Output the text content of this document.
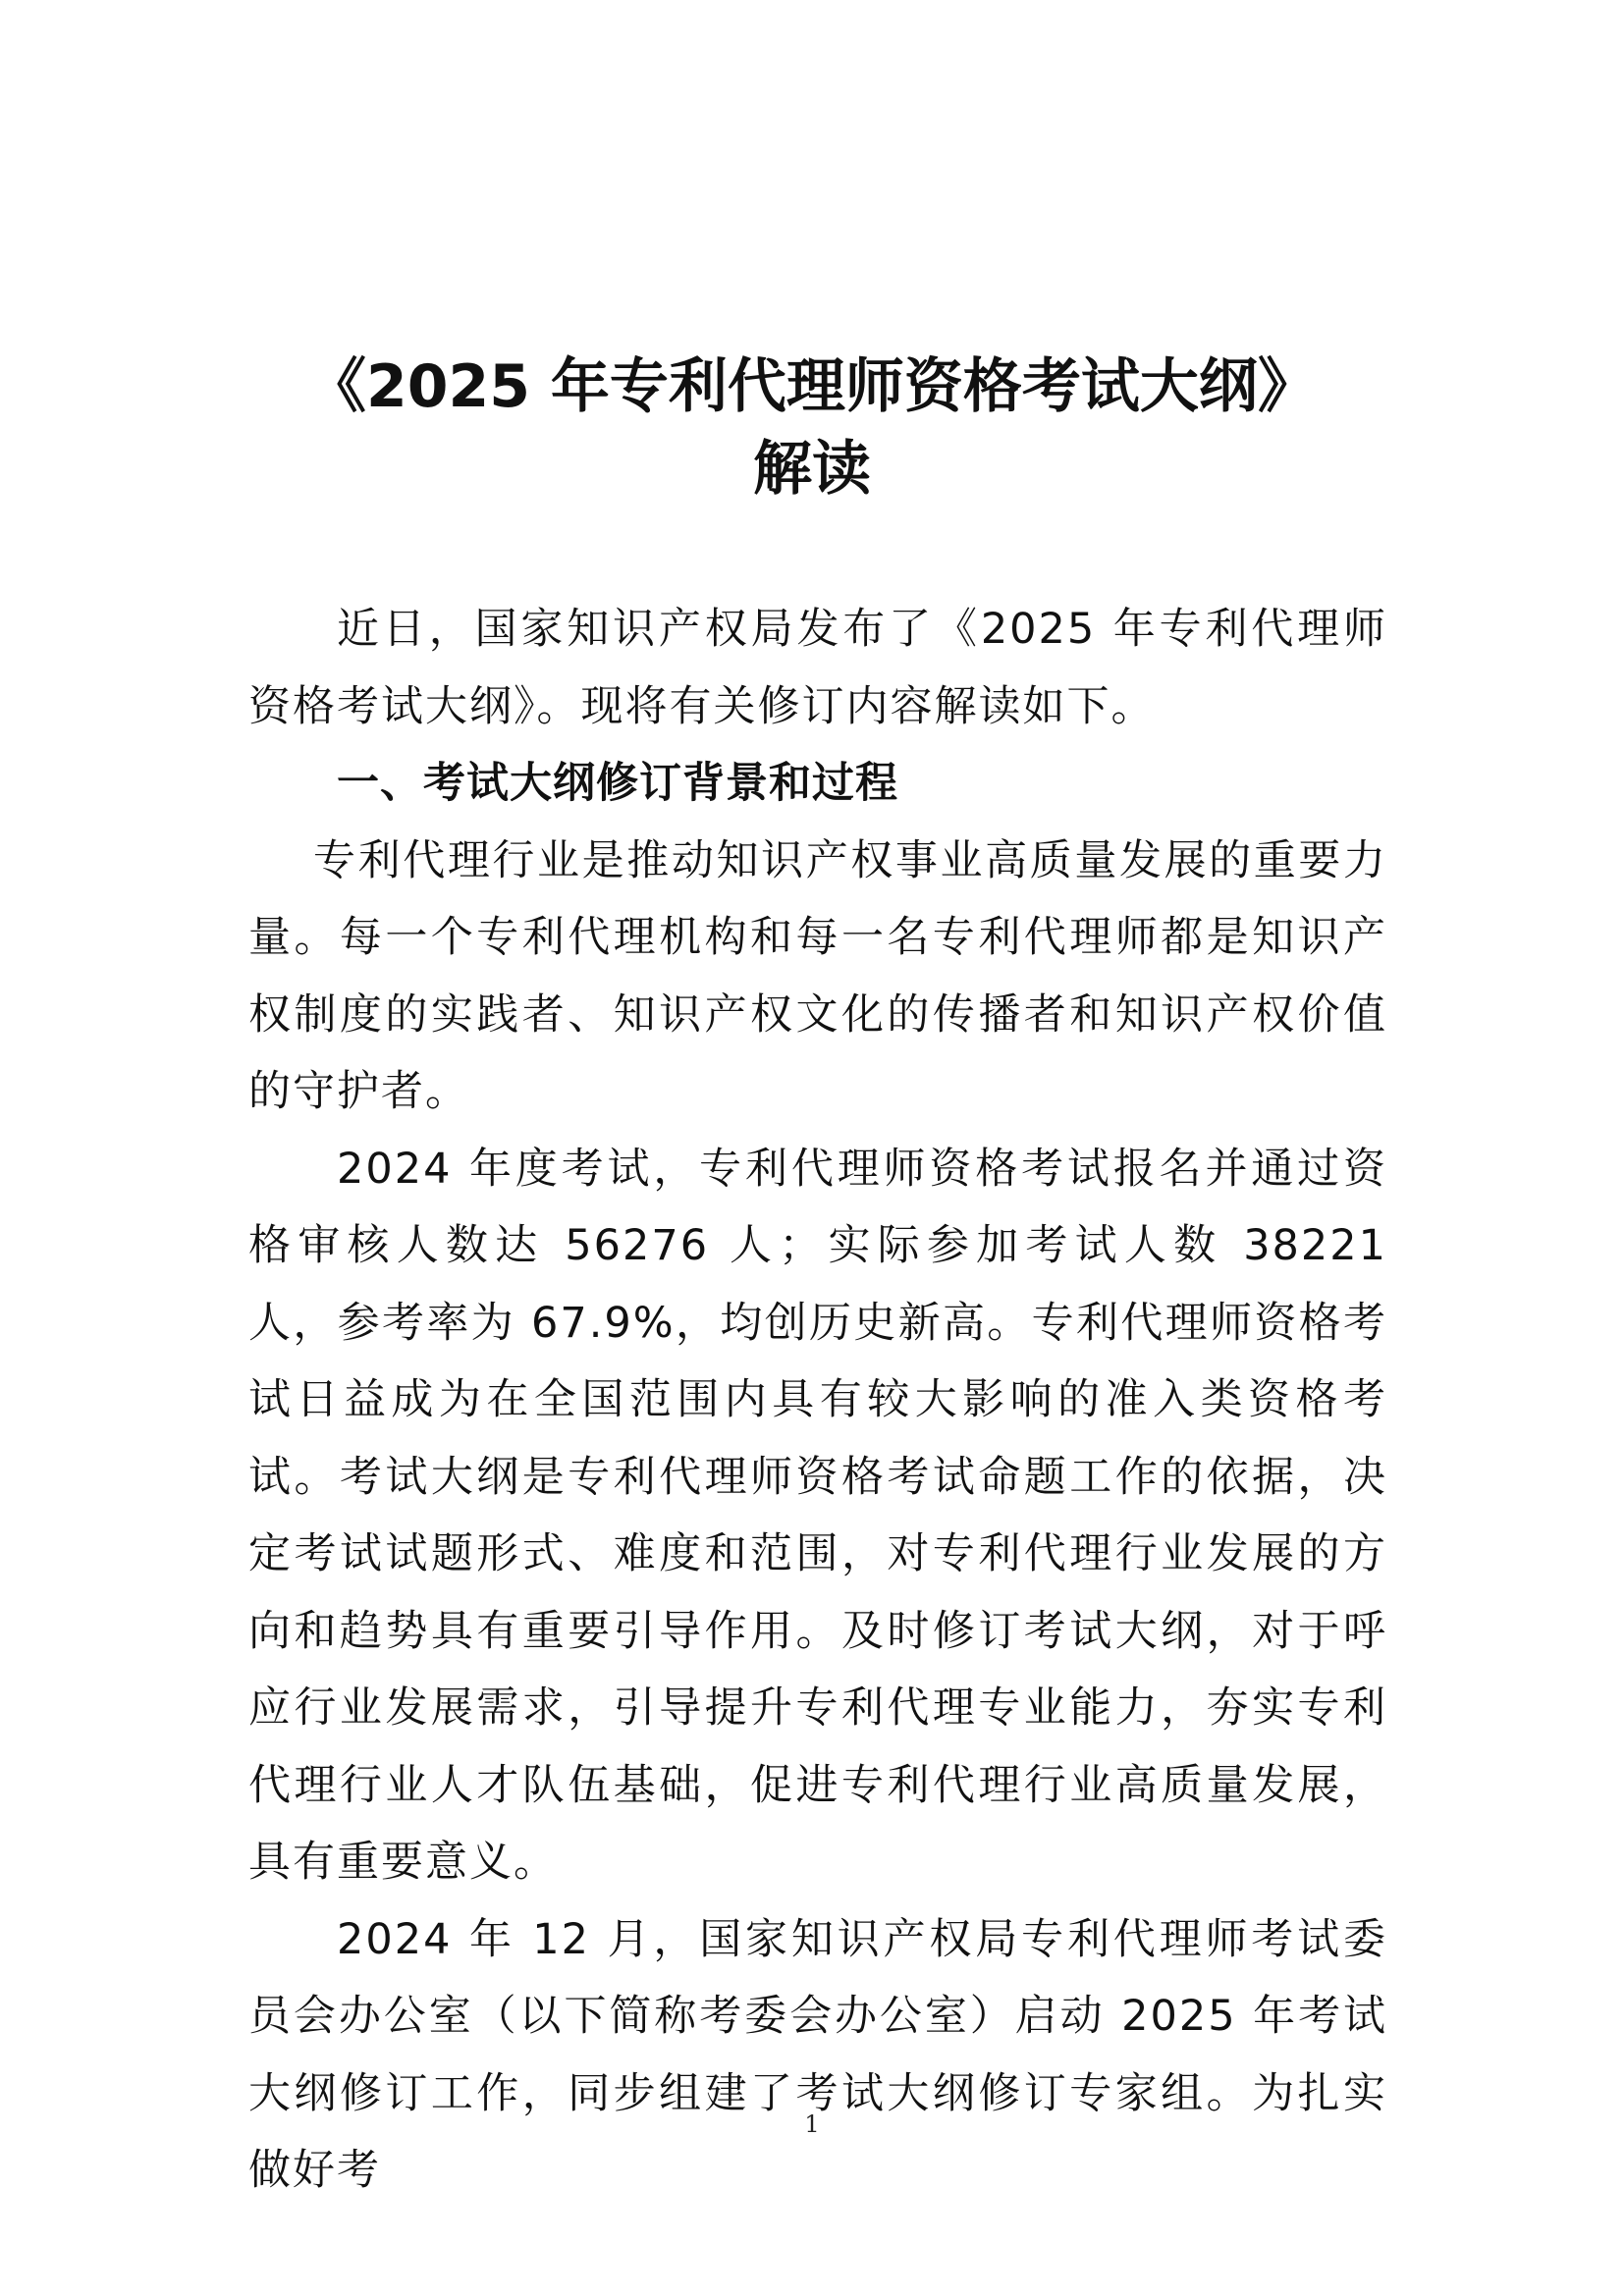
《2025 年专利代理师资格考试大纲》
解读

近日，国家知识产权局发布了《2025 年专利代理师资格考试大纲》。现将有关修订内容解读如下。

一、考试大纲修订背景和过程

专利代理行业是推动知识产权事业高质量发展的重要力量。每一个专利代理机构和每一名专利代理师都是知识产权制度的实践者、知识产权文化的传播者和知识产权价值的守护者。

2024 年度考试，专利代理师资格考试报名并通过资格审核人数达 56276 人；实际参加考试人数 38221 人，参考率为 67.9%，均创历史新高。专利代理师资格考试日益成为在全国范围内具有较大影响的准入类资格考试。考试大纲是专利代理师资格考试命题工作的依据，决定考试试题形式、难度和范围，对专利代理行业发展的方向和趋势具有重要引导作用。及时修订考试大纲，对于呼应行业发展需求，引导提升专利代理专业能力，夯实专利代理行业人才队伍基础，促进专利代理行业高质量发展，具有重要意义。

2024 年 12 月，国家知识产权局专利代理师考试委员会办公室（以下简称考委会办公室）启动 2025 年考试大纲修订工作，同步组建了考试大纲修订专家组。为扎实做好考

1
